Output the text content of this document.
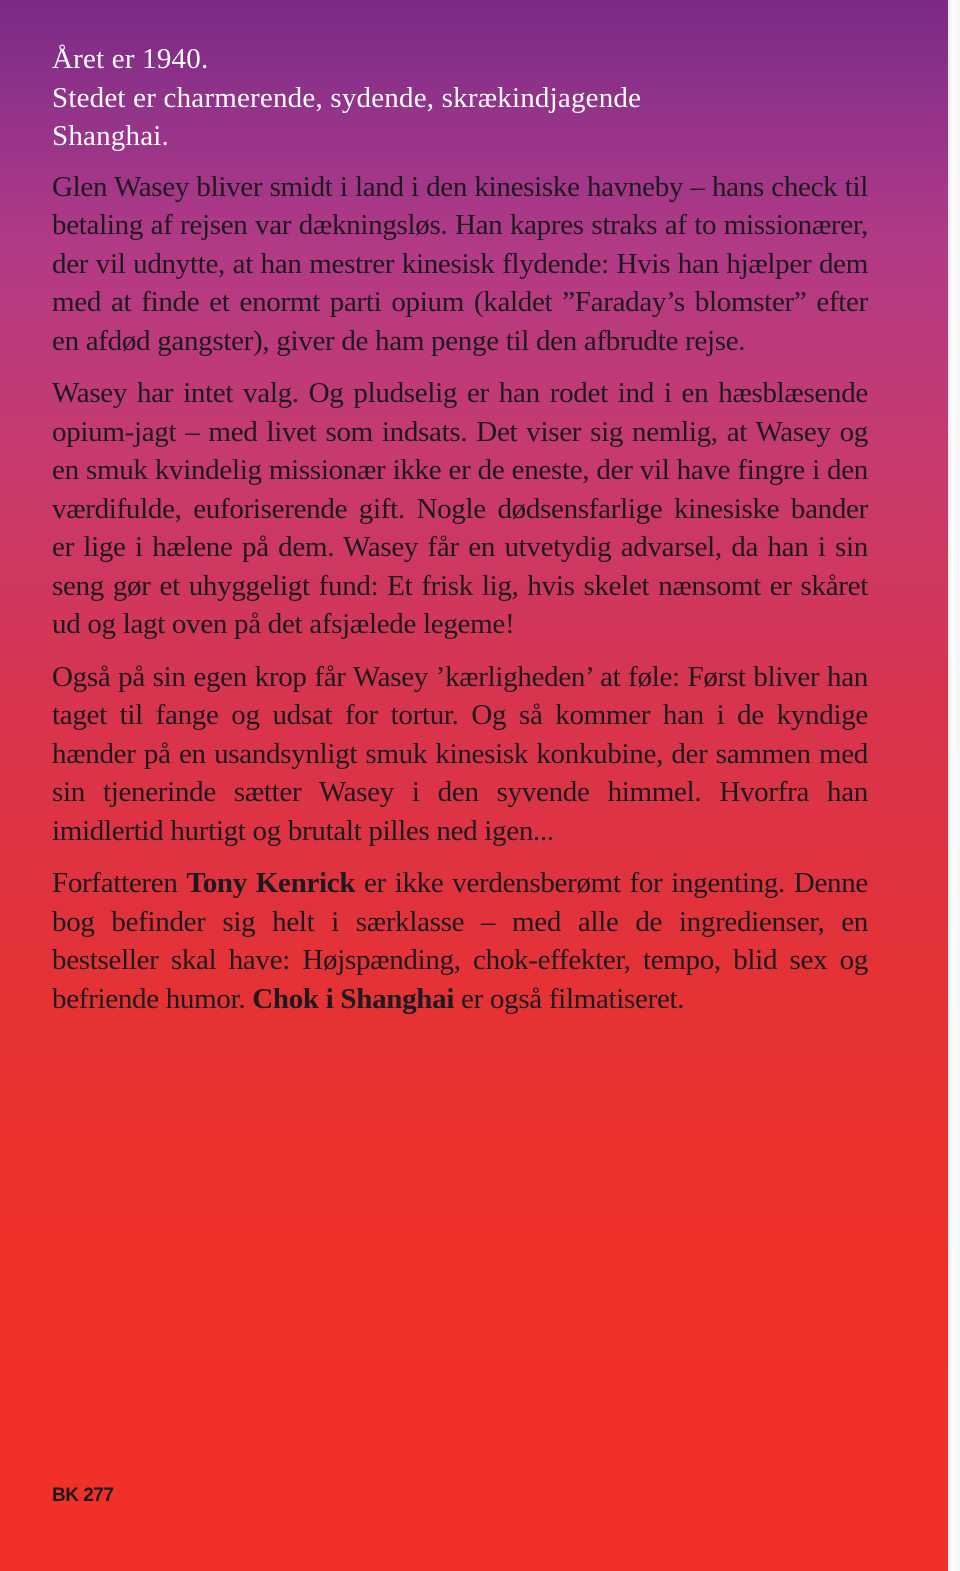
Året er 1940.
Stedet er charmerende, sydende, skrækindjagende
Shanghai.

Glen Wasey bliver smidt i land i den kinesiske havneby – hans check til betaling af rejsen var dækningsløs. Han kapres straks af to missionærer, der vil udnytte, at han mestrer kinesisk flydende: Hvis han hjælper dem med at finde et enormt parti opium (kaldet ”Faraday’s blomster” efter en afdød gangster), giver de ham penge til den afbrudte rejse.

Wasey har intet valg. Og pludselig er han rodet ind i en hæsblæsende opium-jagt – med livet som indsats. Det viser sig nemlig, at Wasey og en smuk kvindelig missionær ikke er de eneste, der vil have fingre i den værdifulde, euforiserende gift. Nogle dødsensfarlige kinesiske bander er lige i hælene på dem. Wasey får en utvetydig advarsel, da han i sin seng gør et uhyggeligt fund: Et frisk lig, hvis skelet nænsomt er skåret ud og lagt oven på det afsjælede legeme!

Også på sin egen krop får Wasey ’kærligheden’ at føle: Først bliver han taget til fange og udsat for tortur. Og så kommer han i de kyndige hænder på en usandsynligt smuk kinesisk konkubine, der sammen med sin tjenerinde sætter Wasey i den syvende himmel. Hvorfra han imidlertid hurtigt og brutalt pilles ned igen...

Forfatteren Tony Kenrick er ikke verdensberømt for ingenting. Denne bog befinder sig helt i særklasse – med alle de ingredienser, en bestseller skal have: Højspænding, chok-effekter, tempo, blid sex og befriende humor. Chok i Shanghai er også filmatiseret.

BK 277
